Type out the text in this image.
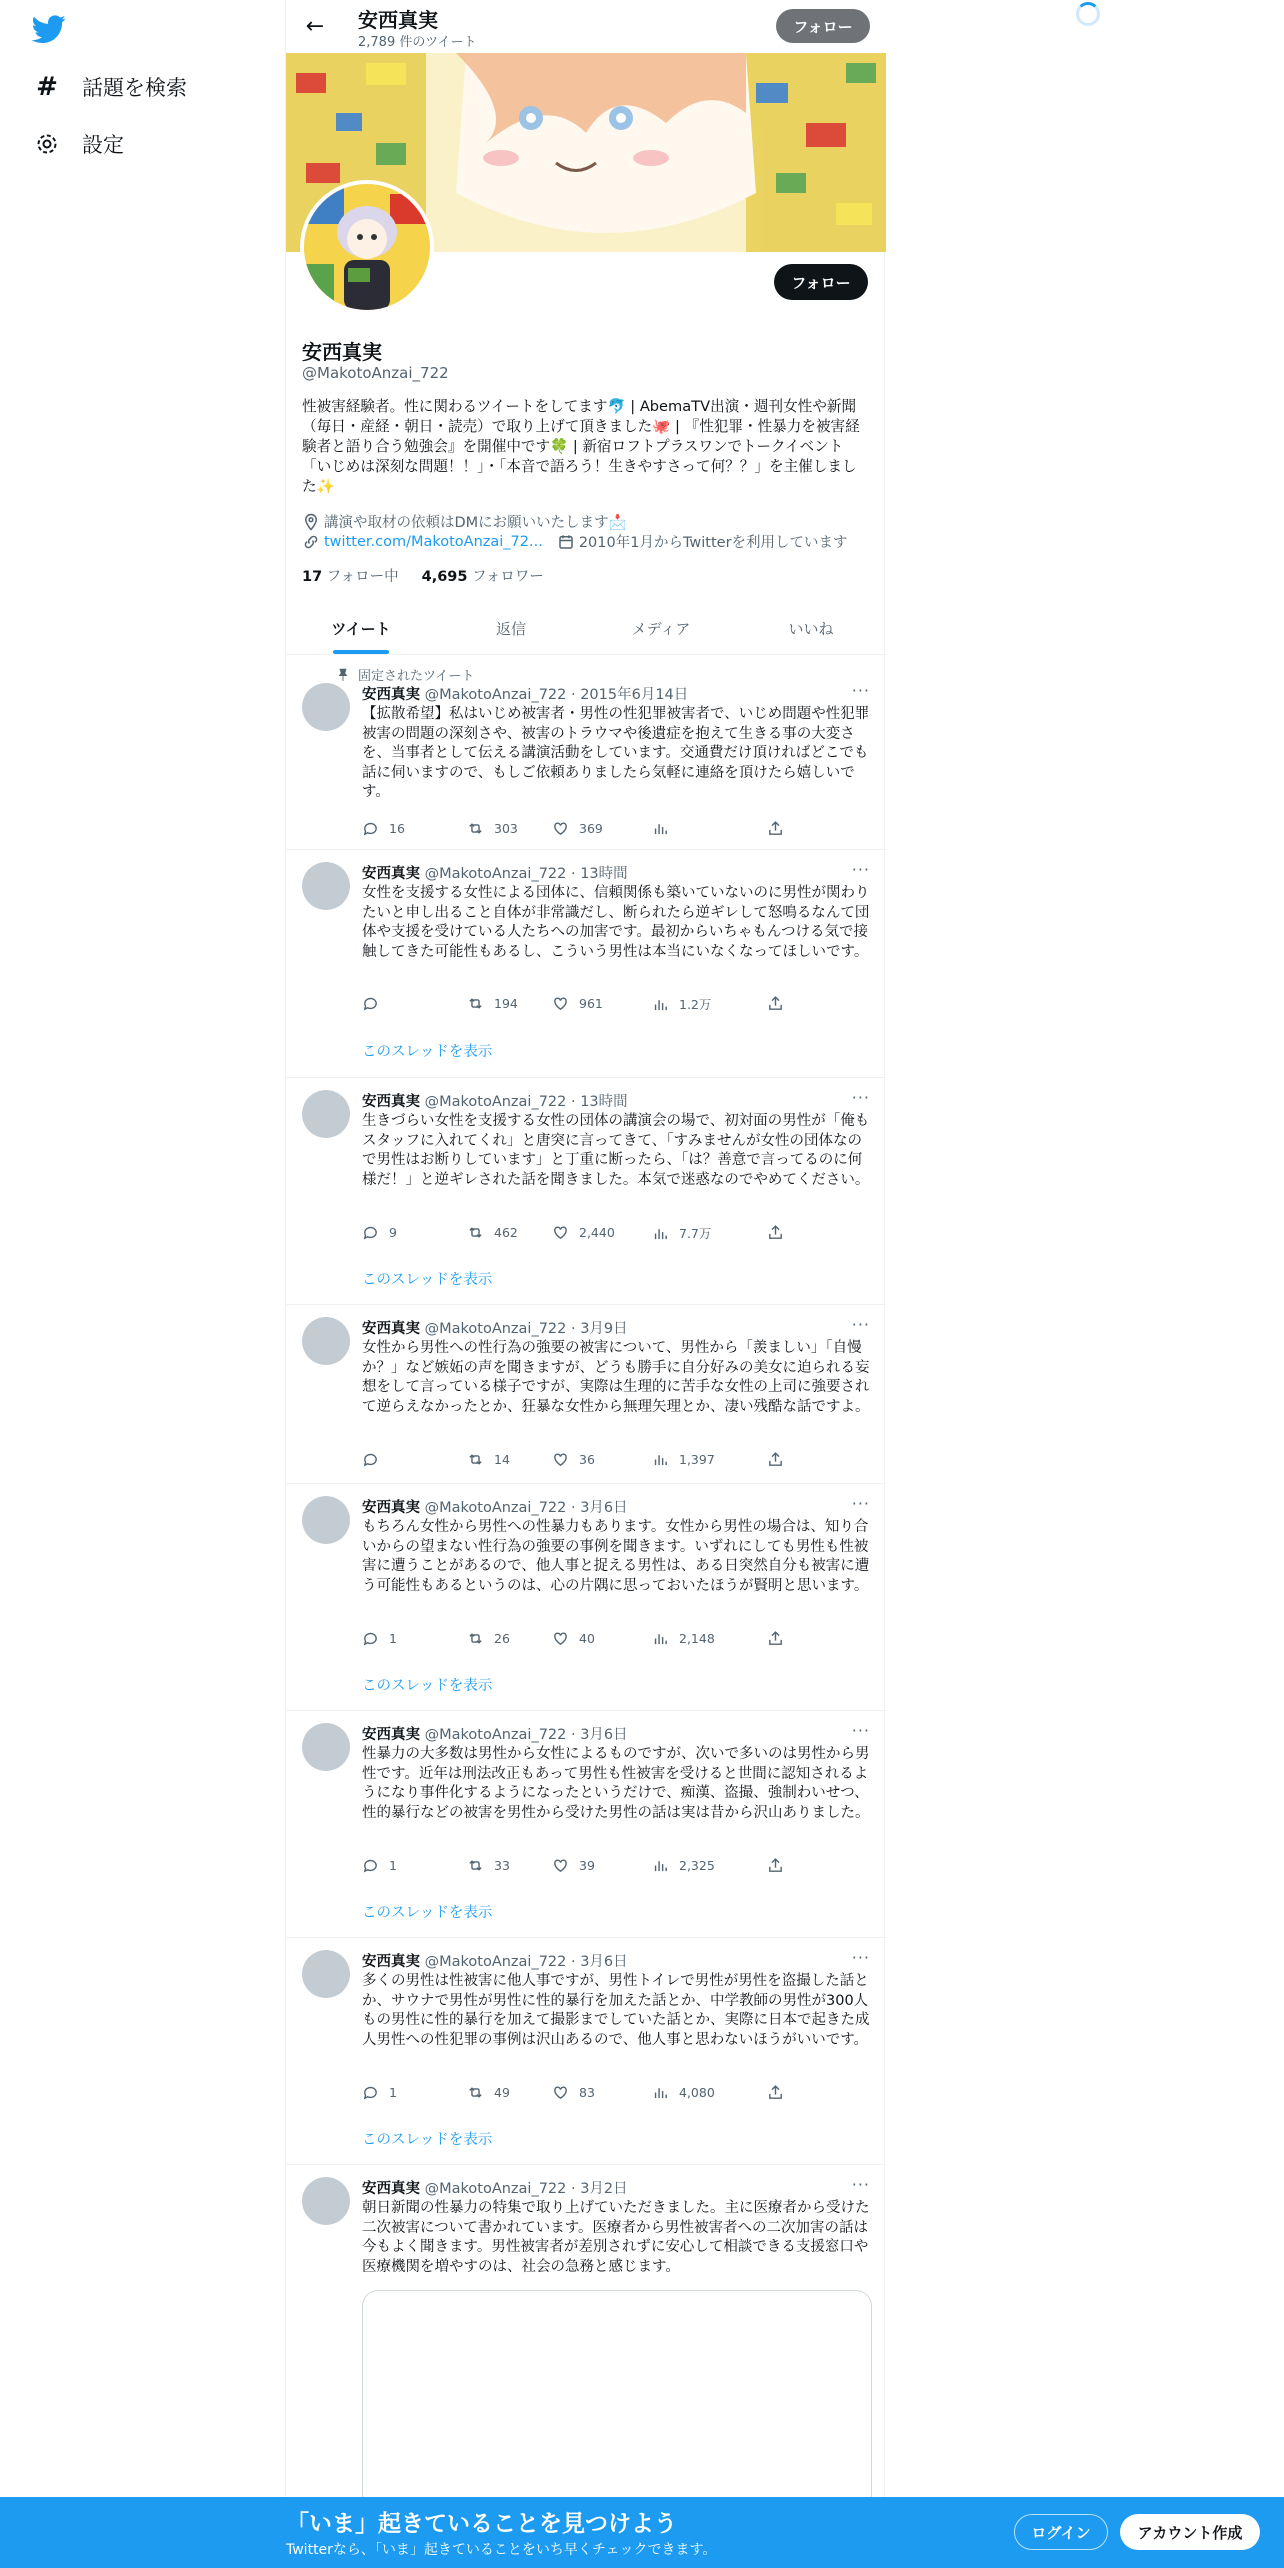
# 話題を検索
設定
← 安西真実
2,789 件のツイート
フォロー
フォロー
安西真実
@MakotoAnzai_722
性被害経験者。性に関わるツイートをしてます🐬 | AbemaTV出演・週刊女性や新聞（毎日・産経・朝日・読売）で取り上げて頂きました🐙 | 『性犯罪・性暴力を被害経験者と語り合う勉強会』を開催中です🍀 | 新宿ロフトプラスワンでトークイベント「いじめは深刻な問題！！」・「本音で語ろう！生きやすさって何？？」を主催しました✨
講演や取材の依頼はDMにお願いいたします📩
twitter.com/MakotoAnzai_72... 2010年1月からTwitterを利用しています
17 フォロー中 4,695 フォロワー
ツイート	返信	メディア	いいね
固定されたツイート
安西真実 @MakotoAnzai_722 · 2015年6月14日	···
【拡散希望】私はいじめ被害者・男性の性犯罪被害者で、いじめ問題や性犯罪被害の問題の深刻さや、被害のトラウマや後遺症を抱えて生きる事の大変さを、当事者として伝える講演活動をしています。交通費だけ頂ければどこでも話に伺いますので、もしご依頼ありましたら気軽に連絡を頂けたら嬉しいです。
16	303	369
安西真実 @MakotoAnzai_722 · 13時間	···
女性を支援する女性による団体に、信頼関係も築いていないのに男性が関わりたいと申し出ること自体が非常識だし、断られたら逆ギレして怒鳴るなんて団体や支援を受けている人たちへの加害です。最初からいちゃもんつける気で接触してきた可能性もあるし、こういう男性は本当にいなくなってほしいです。
194	961	1.2万
このスレッドを表示
安西真実 @MakotoAnzai_722 · 13時間	···
生きづらい女性を支援する女性の団体の講演会の場で、初対面の男性が「俺もスタッフに入れてくれ」と唐突に言ってきて、「すみませんが女性の団体なので男性はお断りしています」と丁重に断ったら、「は？善意で言ってるのに何様だ！」と逆ギレされた話を聞きました。本気で迷惑なのでやめてください。
9	462	2,440	7.7万
このスレッドを表示
安西真実 @MakotoAnzai_722 · 3月9日	···
女性から男性への性行為の強要の被害について、男性から「羨ましい」「自慢か？」など嫉妬の声を聞きますが、どうも勝手に自分好みの美女に迫られる妄想をして言っている様子ですが、実際は生理的に苦手な女性の上司に強要されて逆らえなかったとか、狂暴な女性から無理矢理とか、凄い残酷な話ですよ。
14	36	1,397
安西真実 @MakotoAnzai_722 · 3月6日	···
もちろん女性から男性への性暴力もあります。女性から男性の場合は、知り合いからの望まない性行為の強要の事例を聞きます。いずれにしても男性も性被害に遭うことがあるので、他人事と捉える男性は、ある日突然自分も被害に遭う可能性もあるというのは、心の片隅に思っておいたほうが賢明と思います。
1	26	40	2,148
このスレッドを表示
安西真実 @MakotoAnzai_722 · 3月6日	···
性暴力の大多数は男性から女性によるものですが、次いで多いのは男性から男性です。近年は刑法改正もあって男性も性被害を受けると世間に認知されるようになり事件化するようになったというだけで、痴漢、盗撮、強制わいせつ、性的暴行などの被害を男性から受けた男性の話は実は昔から沢山ありました。
1	33	39	2,325
このスレッドを表示
安西真実 @MakotoAnzai_722 · 3月6日	···
多くの男性は性被害に他人事ですが、男性トイレで男性が男性を盗撮した話とか、サウナで男性が男性に性的暴行を加えた話とか、中学教師の男性が300人もの男性に性的暴行を加えて撮影までしていた話とか、実際に日本で起きた成人男性への性犯罪の事例は沢山あるので、他人事と思わないほうがいいです。
1	49	83	4,080
このスレッドを表示
安西真実 @MakotoAnzai_722 · 3月2日	···
朝日新聞の性暴力の特集で取り上げていただきました。主に医療者から受けた二次被害について書かれています。医療者から男性被害者への二次加害の話は今もよく聞きます。男性被害者が差別されずに安心して相談できる支援窓口や医療機関を増やすのは、社会の急務と感じます。
「いま」起きていることを見つけよう
Twitterなら、「いま」起きていることをいち早くチェックできます。
ログイン	アカウント作成
